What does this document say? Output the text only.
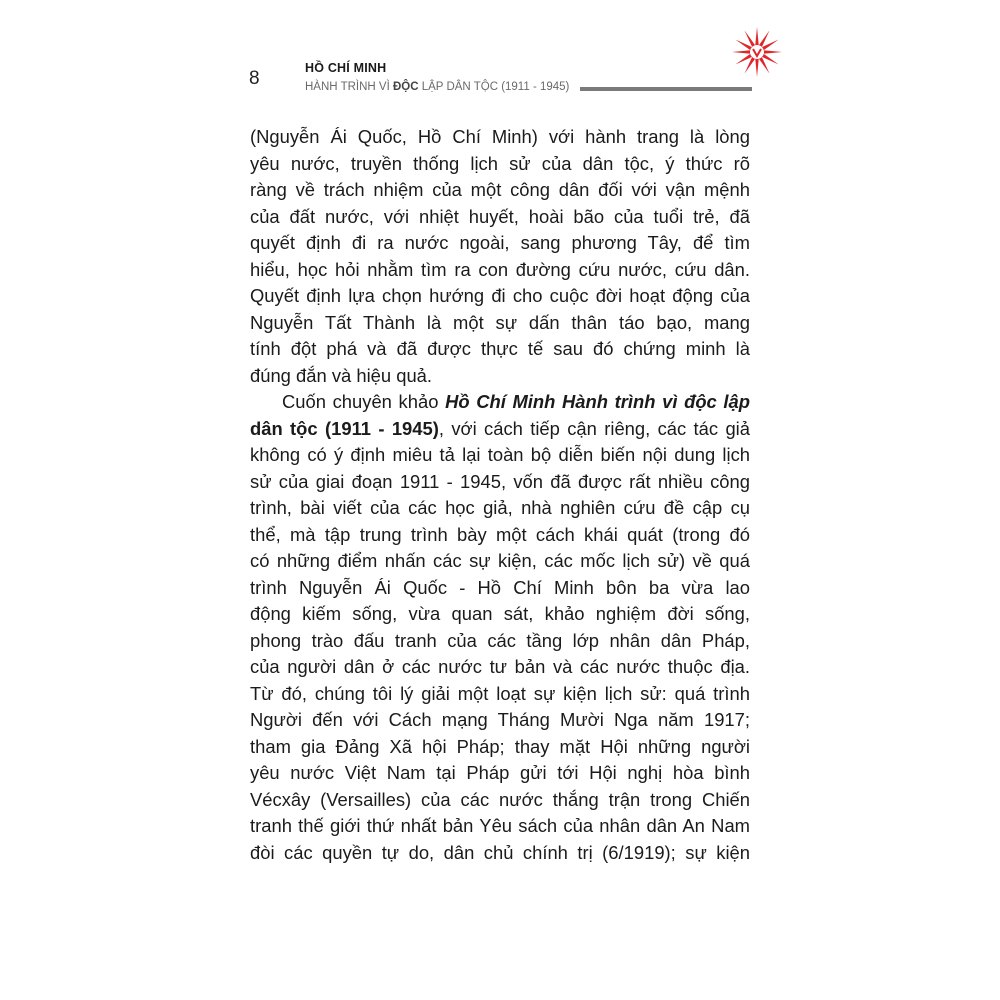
8	HỒ CHÍ MINH
HÀNH TRÌNH VÌ ĐỘC LẬP DÂN TỘC (1911 - 1945)
(Nguyễn Ái Quốc, Hồ Chí Minh) với hành trang là lòng
yêu nước, truyền thống lịch sử của dân tộc, ý thức rõ
ràng về trách nhiệm của một công dân đối với vận mệnh
của đất nước, với nhiệt huyết, hoài bão của tuổi trẻ, đã
quyết định đi ra nước ngoài, sang phương Tây, để tìm
hiểu, học hỏi nhằm tìm ra con đường cứu nước, cứu dân.
Quyết định lựa chọn hướng đi cho cuộc đời hoạt động của
Nguyễn Tất Thành là một sự dấn thân táo bạo, mang
tính đột phá và đã được thực tế sau đó chứng minh là
đúng đắn và hiệu quả.
Cuốn chuyên khảo Hồ Chí Minh Hành trình vì độc lập
dân tộc (1911 - 1945), với cách tiếp cận riêng, các tác giả
không có ý định miêu tả lại toàn bộ diễn biến nội dung lịch
sử của giai đoạn 1911 - 1945, vốn đã được rất nhiều công
trình, bài viết của các học giả, nhà nghiên cứu đề cập cụ
thể, mà tập trung trình bày một cách khái quát (trong đó
có những điểm nhấn các sự kiện, các mốc lịch sử) về quá
trình Nguyễn Ái Quốc - Hồ Chí Minh bôn ba vừa lao
động kiếm sống, vừa quan sát, khảo nghiệm đời sống,
phong trào đấu tranh của các tầng lớp nhân dân Pháp,
của người dân ở các nước tư bản và các nước thuộc địa.
Từ đó, chúng tôi lý giải một loạt sự kiện lịch sử: quá trình
Người đến với Cách mạng Tháng Mười Nga năm 1917;
tham gia Đảng Xã hội Pháp; thay mặt Hội những người
yêu nước Việt Nam tại Pháp gửi tới Hội nghị hòa bình
Vécxây (Versailles) của các nước thắng trận trong Chiến
tranh thế giới thứ nhất bản Yêu sách của nhân dân An Nam
đòi các quyền tự do, dân chủ chính trị (6/1919); sự kiện
